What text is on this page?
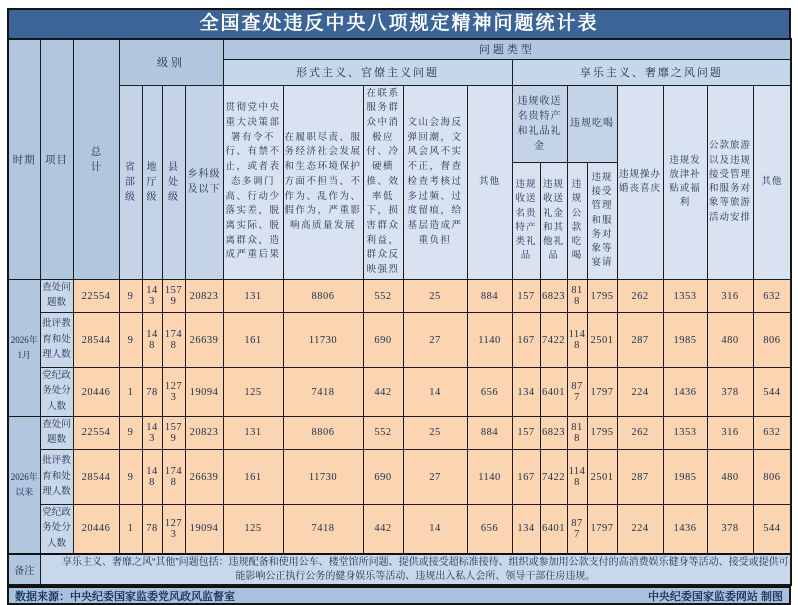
全国查处违反中央八项规定精神问题统计表
时期	项目	总计	级别				问题类型												
							形式主义、官僚主义问题					享乐主义、奢靡之风问题							
			省部级	地厅级	县处级	乡科级及以下	贯彻党中央重大决策部署有令不行、有禁不止，或者表态多调门高、行动少落实差，脱离实际、脱离群众，造成严重后果	在履职尽责、服务经济社会发展和生态环境保护方面不担当、不作为、乱作为、假作为，严重影响高质量发展	在联系服务群众中消极应付、冷硬横推、效率低下，损害群众利益，群众反映强烈	文山会海反弹回潮，文风会风不实不正，督查检查考核过多过频、过度留痕，给基层造成严重负担	其他	违规收送名贵特产和礼品礼金		违规吃喝		违规操办婚丧喜庆	违规发放津补贴或福利	公款旅游以及违规接受管理和服务对象等旅游活动安排	其他
												违规收送名贵特产类礼品	违规收送礼金和其他礼品	违规公款吃喝	违规接受管理和服务对象等宴请				
2026年1月	查处问题数	22554	9	143	1579	20823	131	8806	552	25	884	157	6823	818	1795	262	1353	316	632
	批评教育和处理人数	28544	9	148	1748	26639	161	11730	690	27	1140	167	7422	1148	2501	287	1985	480	806
	党纪政务处分人数	20446	1	78	1273	19094	125	7418	442	14	656	134	6401	877	1797	224	1436	378	544
2026年以来	查处问题数	22554	9	143	1579	20823	131	8806	552	25	884	157	6823	818	1795	262	1353	316	632
	批评教育和处理人数	28544	9	148	1748	26639	161	11730	690	27	1140	167	7422	1148	2501	287	1985	480	806
	党纪政务处分人数	20446	1	78	1273	19094	125	7418	442	14	656	134	6401	877	1797	224	1436	378	544
备注	享乐主义、奢靡之风“其他”问题包括：违规配备和使用公车、楼堂馆所问题、提供或接受超标准接待、组织或参加用公款支付的高消费娱乐健身等活动、接受或提供可能影响公正执行公务的健身娱乐等活动、违规出入私人会所、领导干部住房违规。																		
数据来源：中央纪委国家监委党风政风监督室	中央纪委国家监委网站 制图
